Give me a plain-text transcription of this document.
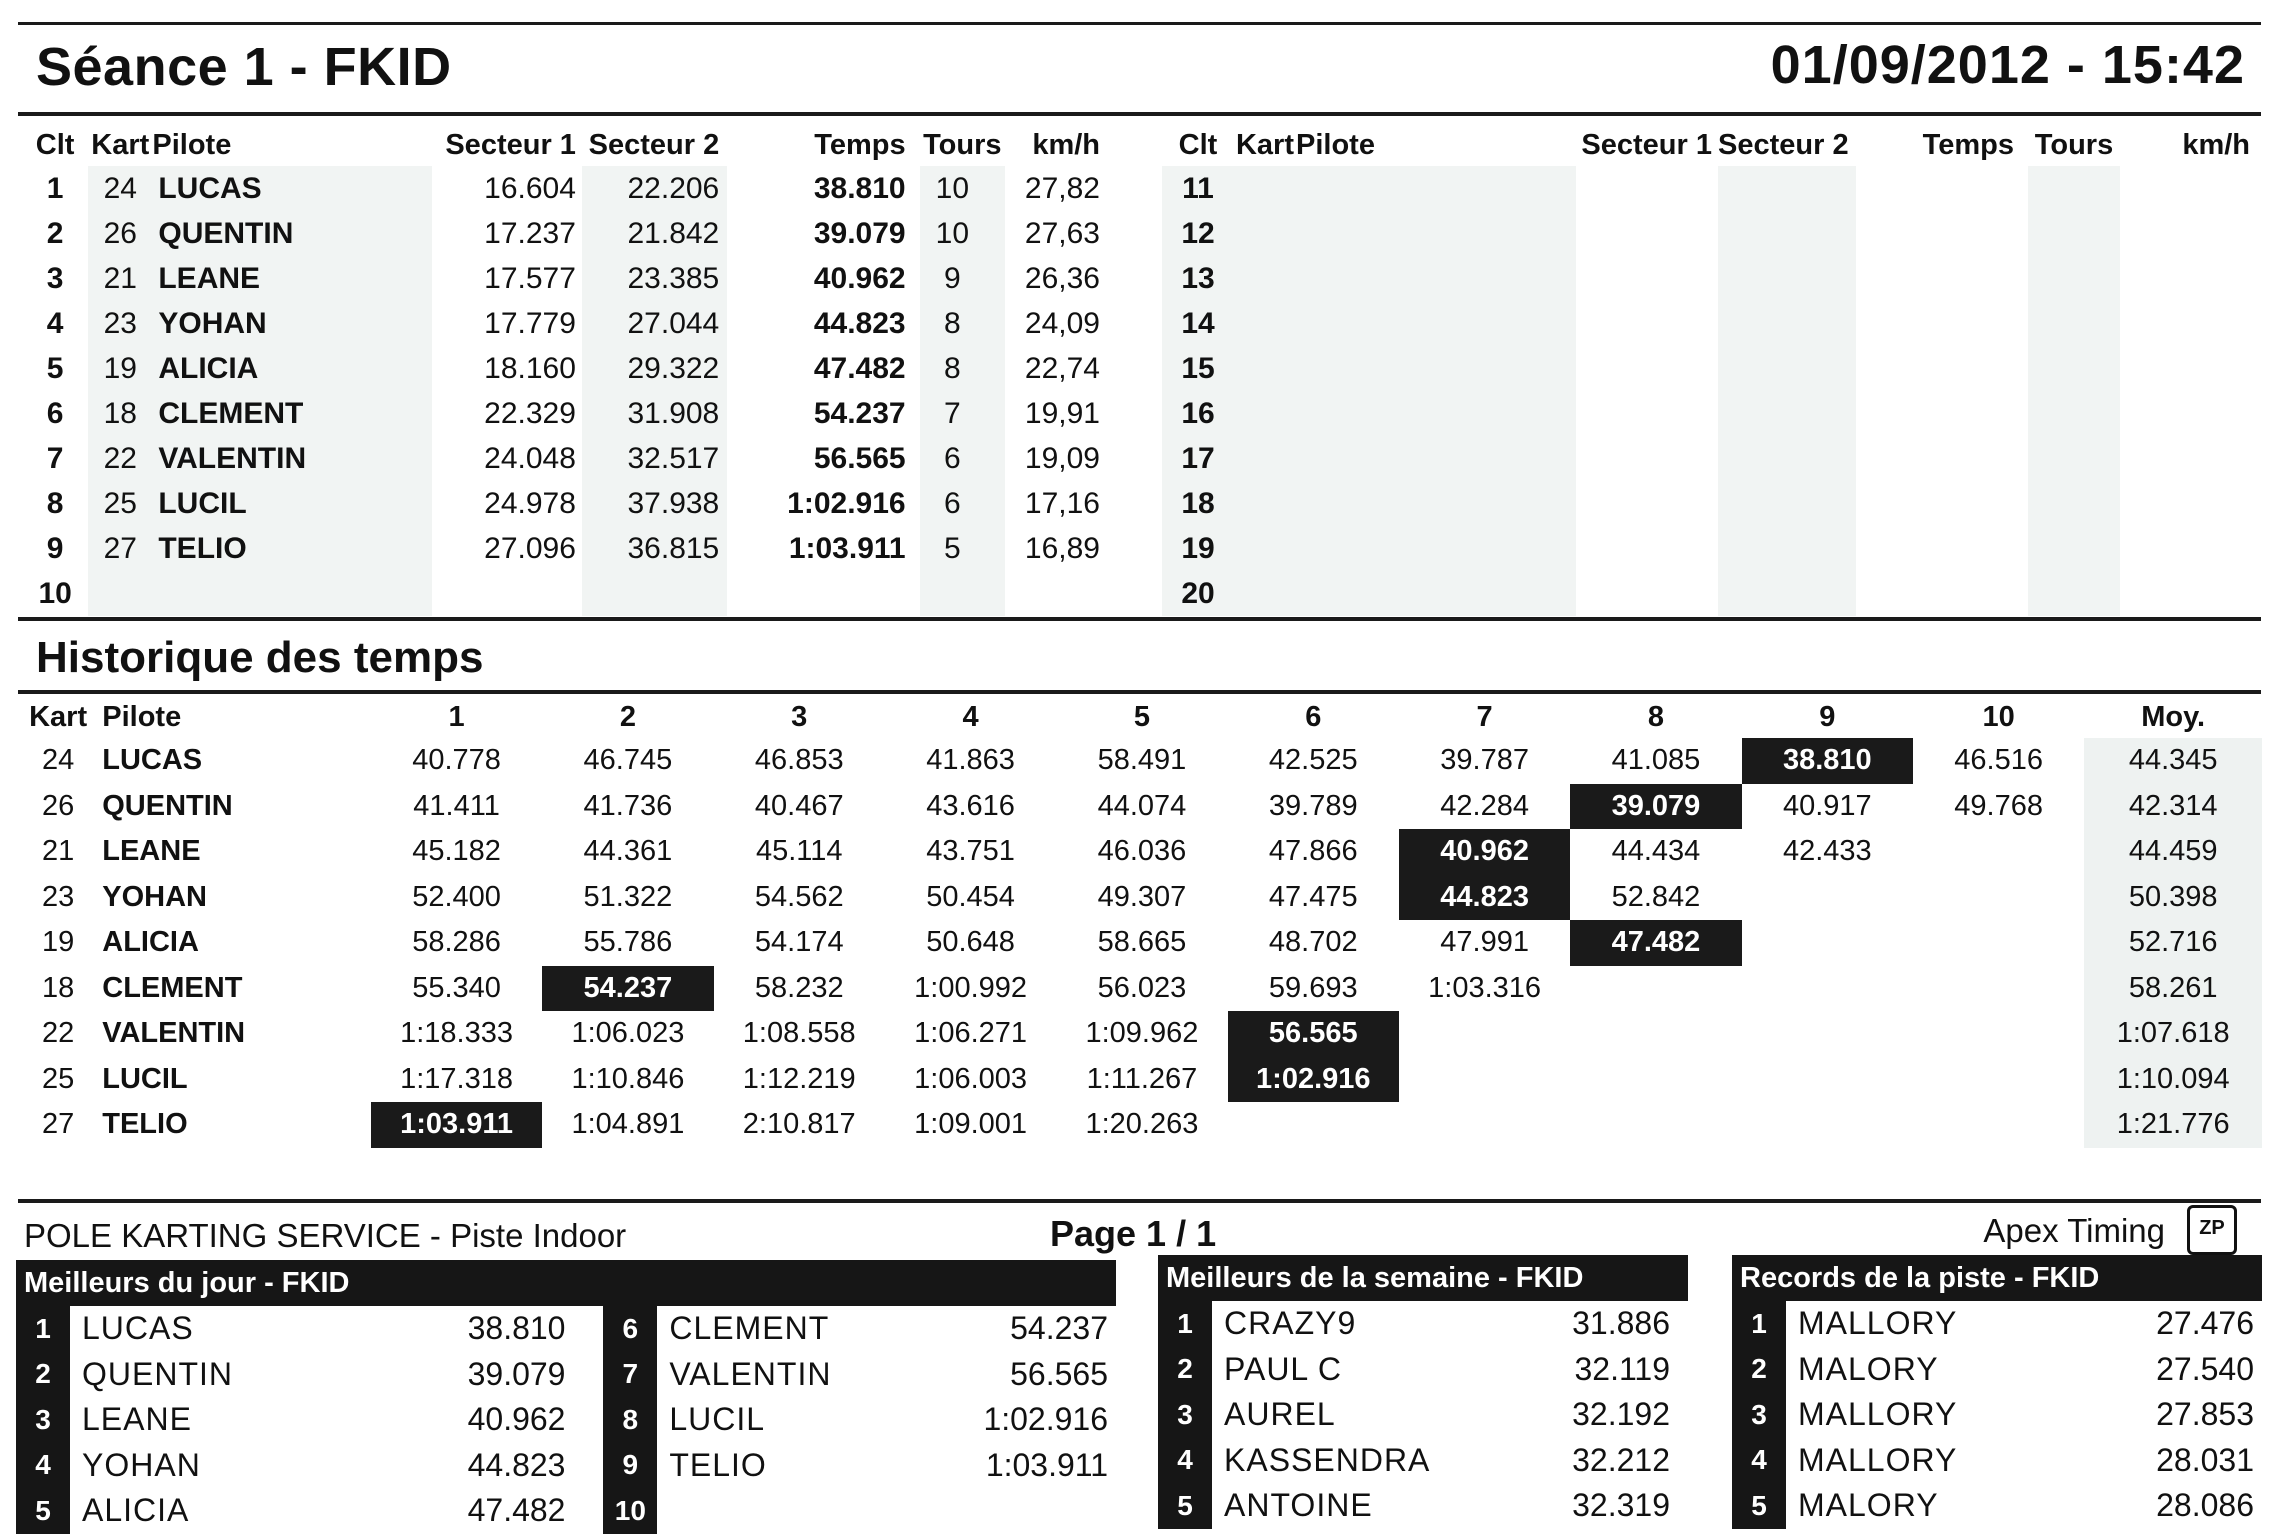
Séance 1 - FKID	01/09/2012 - 15:42
Clt	Kart	Pilote	Secteur 1	Secteur 2	Temps	Tours	km/h
1	24	LUCAS	16.604	22.206	38.810	10	27,82
2	26	QUENTIN	17.237	21.842	39.079	10	27,63
3	21	LEANE	17.577	23.385	40.962	9	26,36
4	23	YOHAN	17.779	27.044	44.823	8	24,09
5	19	ALICIA	18.160	29.322	47.482	8	22,74
6	18	CLEMENT	22.329	31.908	54.237	7	19,91
7	22	VALENTIN	24.048	32.517	56.565	6	19,09
8	25	LUCIL	24.978	37.938	1:02.916	6	17,16
9	27	TELIO	27.096	36.815	1:03.911	5	16,89
10							
Clt	Kart	Pilote	Secteur 1	Secteur 2	Temps	Tours	km/h
11							
12							
13							
14							
15							
16							
17							
18							
19							
20							
Historique des temps
Kart	Pilote	1	2	3	4	5	6	7	8	9	10	Moy.
24	LUCAS	40.778	46.745	46.853	41.863	58.491	42.525	39.787	41.085	38.810	46.516	44.345
26	QUENTIN	41.411	41.736	40.467	43.616	44.074	39.789	42.284	39.079	40.917	49.768	42.314
21	LEANE	45.182	44.361	45.114	43.751	46.036	47.866	40.962	44.434	42.433		44.459
23	YOHAN	52.400	51.322	54.562	50.454	49.307	47.475	44.823	52.842			50.398
19	ALICIA	58.286	55.786	54.174	50.648	58.665	48.702	47.991	47.482			52.716
18	CLEMENT	55.340	54.237	58.232	1:00.992	56.023	59.693	1:03.316				58.261
22	VALENTIN	1:18.333	1:06.023	1:08.558	1:06.271	1:09.962	56.565					1:07.618
25	LUCIL	1:17.318	1:10.846	1:12.219	1:06.003	1:11.267	1:02.916					1:10.094
27	TELIO	1:03.911	1:04.891	2:10.817	1:09.001	1:20.263						1:21.776
POLE KARTING SERVICE - Piste Indoor	Page 1 / 1	Apex Timing	ZP
Meilleurs du jour - FKID
1	LUCAS	38.810
2	QUENTIN	39.079
3	LEANE	40.962
4	YOHAN	44.823
5	ALICIA	47.482
6	CLEMENT	54.237
7	VALENTIN	56.565
8	LUCIL	1:02.916
9	TELIO	1:03.911
10		
Meilleurs de la semaine - FKID
1	CRAZY9	31.886
2	PAUL C	32.119
3	AUREL	32.192
4	KASSENDRA	32.212
5	ANTOINE	32.319
Records de la piste - FKID
1	MALLORY	27.476
2	MALORY	27.540
3	MALLORY	27.853
4	MALLORY	28.031
5	MALORY	28.086
